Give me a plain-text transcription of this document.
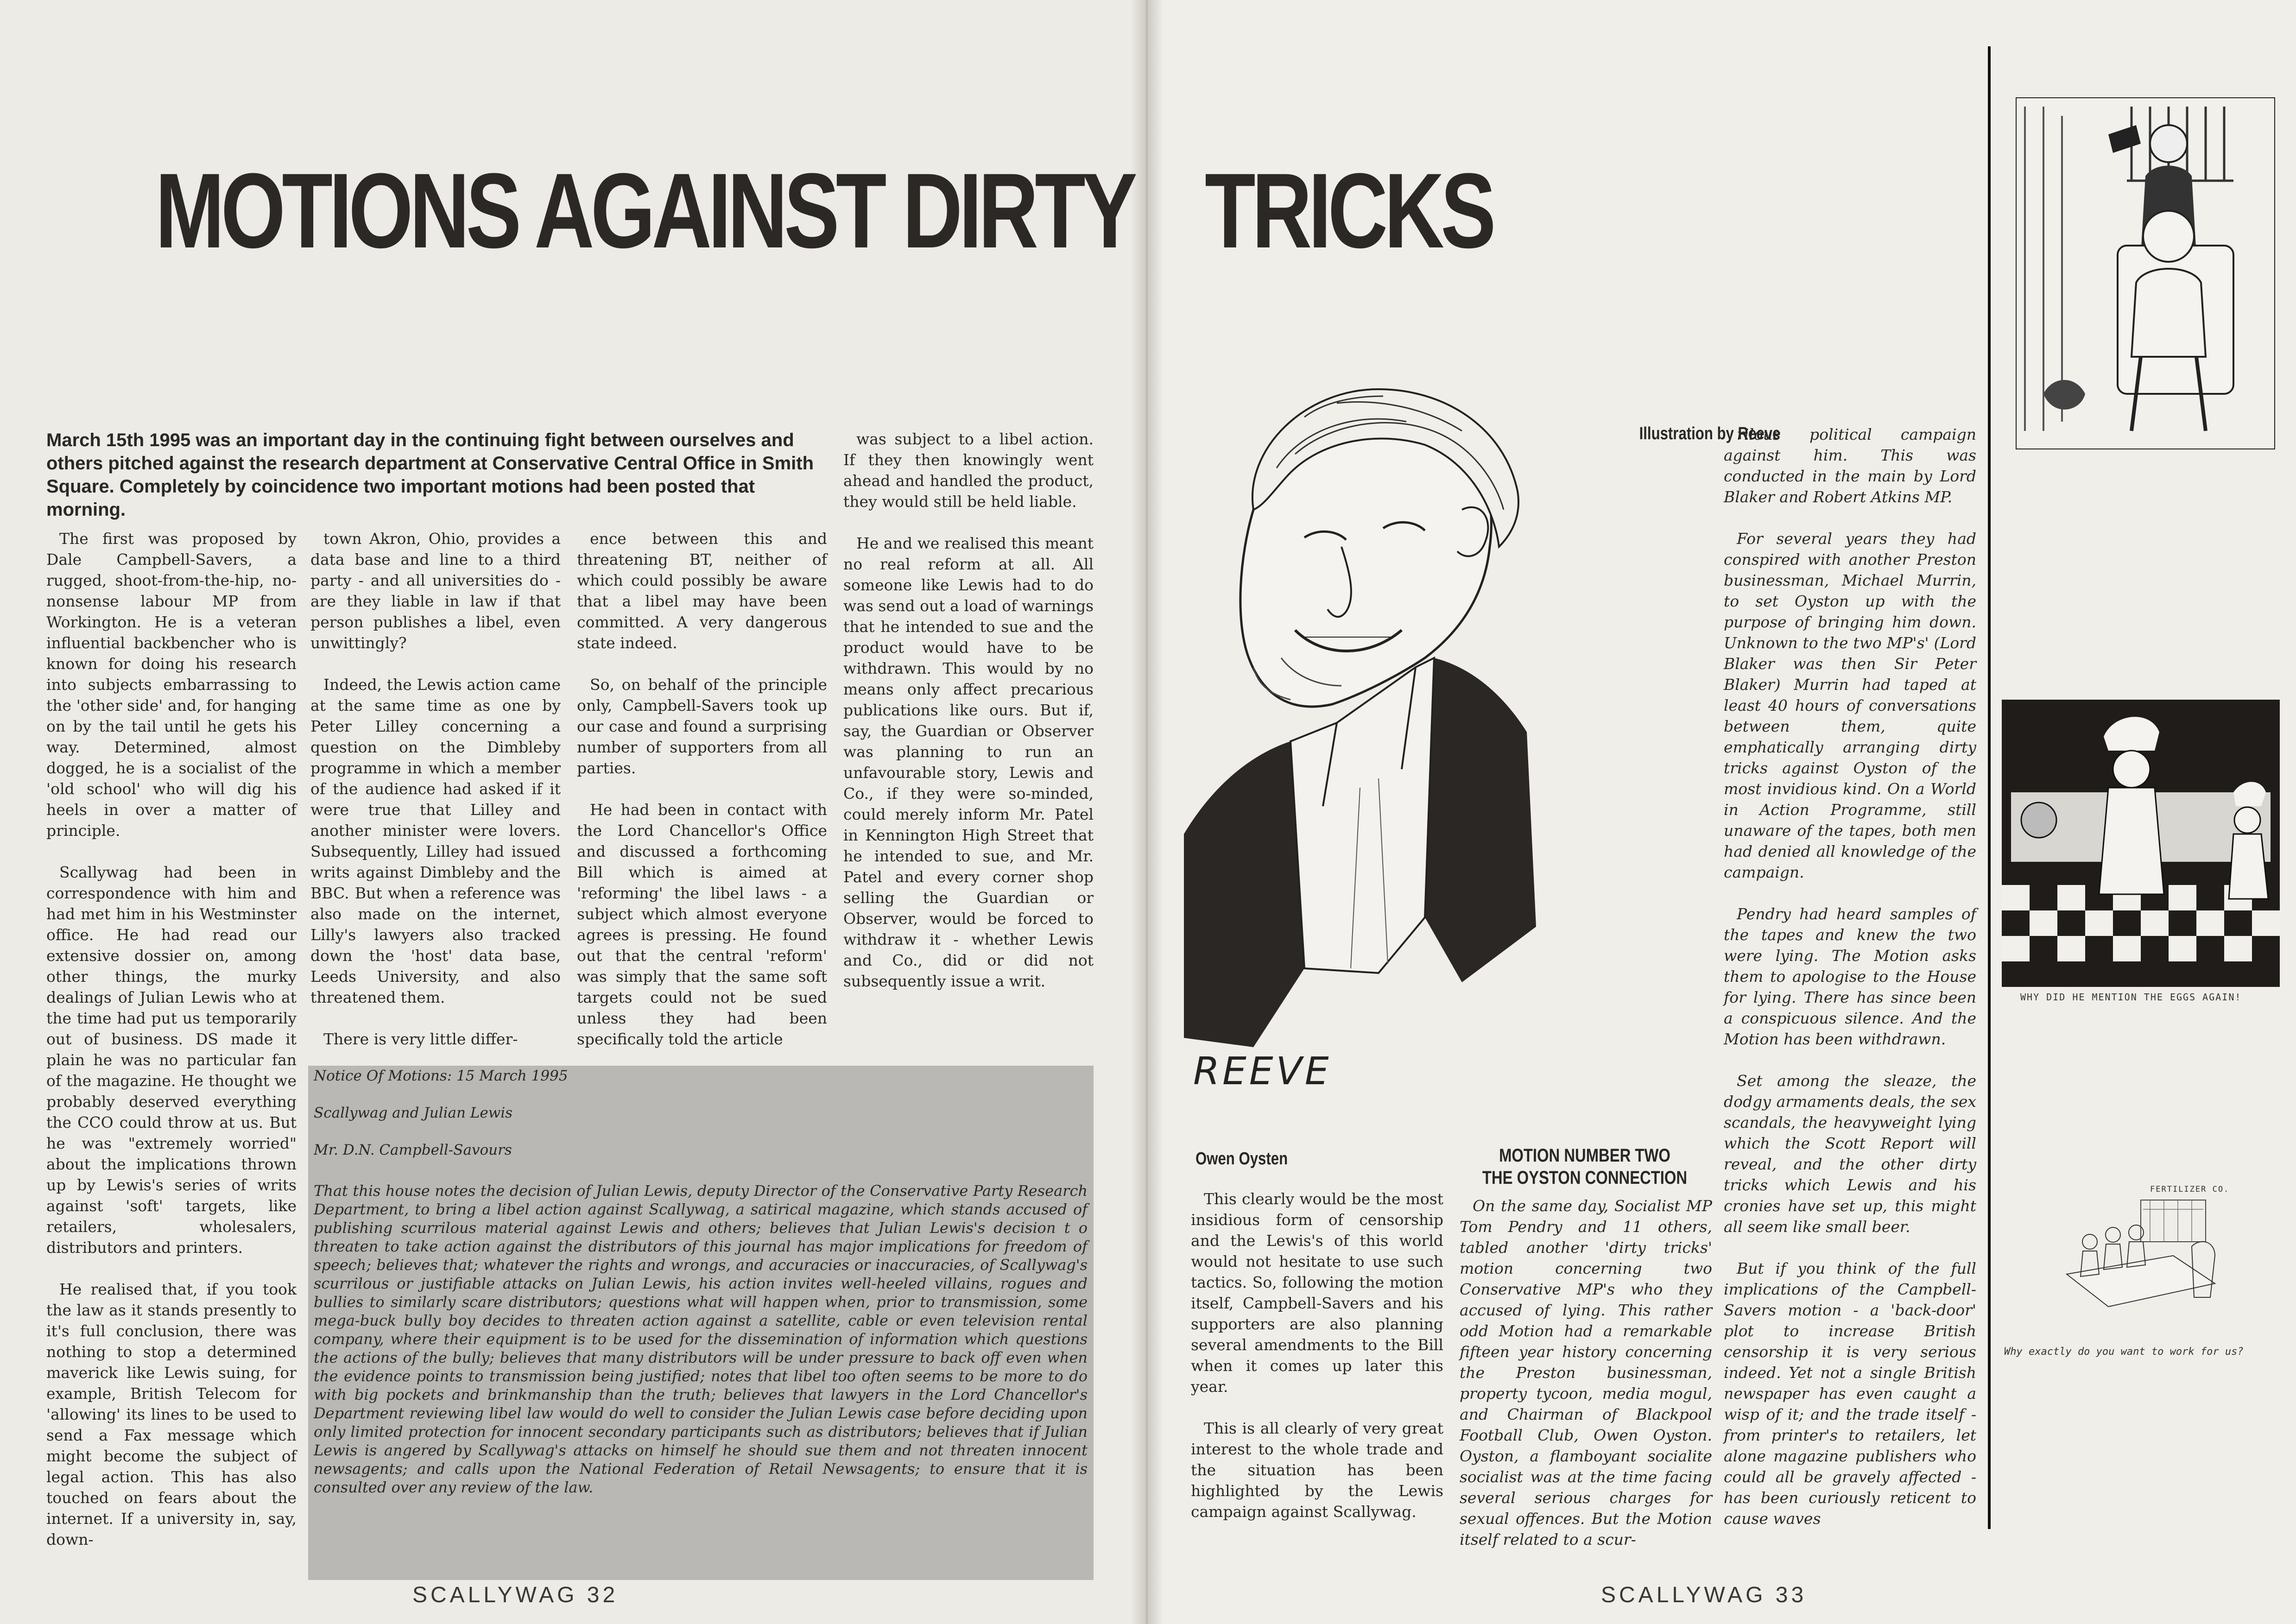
MOTIONS AGAINST DIRTY TRICKS
March 15th 1995 was an important day in the continuing fight between ourselves and others pitched against the research department at Conservative Central Office in Smith Square. Completely by coincidence two important motions had been posted that morning.

The first was proposed by Dale Campbell-Savers, a rugged, shoot-from-the-hip, no-nonsense labour MP from Workington. He is a veteran influential backbencher who is known for doing his research into subjects embarrassing to the 'other side' and, for hanging on by the tail until he gets his way. Determined, almost dogged, he is a socialist of the 'old school' who will dig his heels in over a matter of principle.

Scallywag had been in correspondence with him and had met him in his Westminster office. He had read our extensive dossier on, among other things, the murky dealings of Julian Lewis who at the time had put us temporarily out of business. DS made it plain he was no particular fan of the magazine. He thought we probably deserved everything the CCO could throw at us. But he was "extremely worried" about the implications thrown up by Lewis's series of writs against 'soft' targets, like retailers, wholesalers, distributors and printers.

He realised that, if you took the law as it stands presently to it's full conclusion, there was nothing to stop a determined maverick like Lewis suing, for example, British Telecom for 'allowing' its lines to be used to send a Fax message which might become the subject of legal action. This has also touched on fears about the internet. If a university in, say, down-

town Akron, Ohio, provides a data base and line to a third party - and all universities do - are they liable in law if that person publishes a libel, even unwittingly?

Indeed, the Lewis action came at the same time as one by Peter Lilley concerning a question on the Dimbleby programme in which a member of the audience had asked if it were true that Lilley and another minister were lovers. Subsequently, Lilley had issued writs against Dimbleby and the BBC. But when a reference was also made on the internet, Lilly's lawyers also tracked down the 'host' data base, Leeds University, and also threatened them.

There is very little differ-

ence between this and threatening BT, neither of which could possibly be aware that a libel may have been committed. A very dangerous state indeed.

So, on behalf of the principle only, Campbell-Savers took up our case and found a surprising number of supporters from all parties.

He had been in contact with the Lord Chancellor's Office and discussed a forthcoming Bill which is aimed at 'reforming' the libel laws - a subject which almost everyone agrees is pressing. He found out that the central 'reform' was simply that the same soft targets could not be sued unless they had been specifically told the article

was subject to a libel action. If they then knowingly went ahead and handled the product, they would still be held liable.

He and we realised this meant no real reform at all. All someone like Lewis had to do was send out a load of warnings that he intended to sue and the product would have to be withdrawn. This would by no means only affect precarious publications like ours. But if, say, the Guardian or Observer was planning to run an unfavourable story, Lewis and Co., if they were so-minded, could merely inform Mr. Patel in Kennington High Street that he intended to sue, and Mr. Patel and every corner shop selling the Guardian or Observer, would be forced to withdraw it - whether Lewis and Co., did or did not subsequently issue a writ.

Notice Of Motions: 15 March 1995
Scallywag and Julian Lewis
Mr. D.N. Campbell-Savours
That this house notes the decision of Julian Lewis, deputy Director of the Conservative Party Research Department, to bring a libel action against Scallywag, a satirical magazine, which stands accused of publishing scurrilous material against Lewis and others; believes that Julian Lewis's decision t o threaten to take action against the distributors of this journal has major implications for freedom of speech; believes that; whatever the rights and wrongs, and accuracies or inaccuracies, of Scallywag's scurrilous or justifiable attacks on Julian Lewis, his action invites well-heeled villains, rogues and bullies to similarly scare distributors; questions what will happen when, prior to transmission, some mega-buck bully boy decides to threaten action against a satellite, cable or even television rental company, where their equipment is to be used for the dissemination of information which questions the actions of the bully; believes that many distributors will be under pressure to back off even when the evidence points to transmission being justified; notes that libel too often seems to be more to do with big pockets and brinkmanship than the truth; believes that lawyers in the Lord Chancellor's Department reviewing libel law would do well to consider the Julian Lewis case before deciding upon only limited protection for innocent secondary participants such as distributors; believes that if Julian Lewis is angered by Scallywag's attacks on himself he should sue them and not threaten innocent newsagents; and calls upon the National Federation of Retail Newsagents; to ensure that it is consulted over any review of the law.
SCALLYWAG 32
REEVE
Illustration by Reeve
Owen Oysten

This clearly would be the most insidious form of censorship and the Lewis's of this world would not hesitate to use such tactics. So, following the motion itself, Campbell-Savers and his supporters are also planning several amendments to the Bill when it comes up later this year.

This is all clearly of very great interest to the whole trade and the situation has been highlighted by the Lewis campaign against Scallywag.

MOTION NUMBER TWO
THE OYSTON CONNECTION

On the same day, Socialist MP Tom Pendry and 11 others, tabled another 'dirty tricks' motion concerning two Conservative MP's who they accused of lying. This rather odd Motion had a remarkable fifteen year history concerning the Preston businessman, property tycoon, media mogul, and Chairman of Blackpool Football Club, Owen Oyston. Oyston, a flamboyant socialite socialist was at the time facing several serious charges for sexual offences. But the Motion itself related to a scur-

rilous political campaign against him. This was conducted in the main by Lord Blaker and Robert Atkins MP.

For several years they had conspired with another Preston businessman, Michael Murrin, to set Oyston up with the purpose of bringing him down. Unknown to the two MP's' (Lord Blaker was then Sir Peter Blaker) Murrin had taped at least 40 hours of conversations between them, quite emphatically arranging dirty tricks against Oyston of the most invidious kind. On a World in Action Programme, still unaware of the tapes, both men had denied all knowledge of the campaign.

Pendry had heard samples of the tapes and knew the two were lying. The Motion asks them to apologise to the House for lying. There has since been a conspicuous silence. And the Motion has been withdrawn.

Set among the sleaze, the dodgy armaments deals, the sex scandals, the heavyweight lying which the Scott Report will reveal, and the other dirty tricks which Lewis and his cronies have set up, this might all seem like small beer.

But if you think of the full implications of the Campbell-Savers motion - a 'back-door' plot to increase British censorship it is very serious indeed. Yet not a single British newspaper has even caught a wisp of it; and the trade itself - from printer's to retailers, let alone magazine publishers who could all be gravely affected - has been curiously reticent to cause waves

WHY DID HE MENTION THE EGGS AGAIN!
FERTILIZER CO.
Why exactly do you want to work for us?
SCALLYWAG 33
